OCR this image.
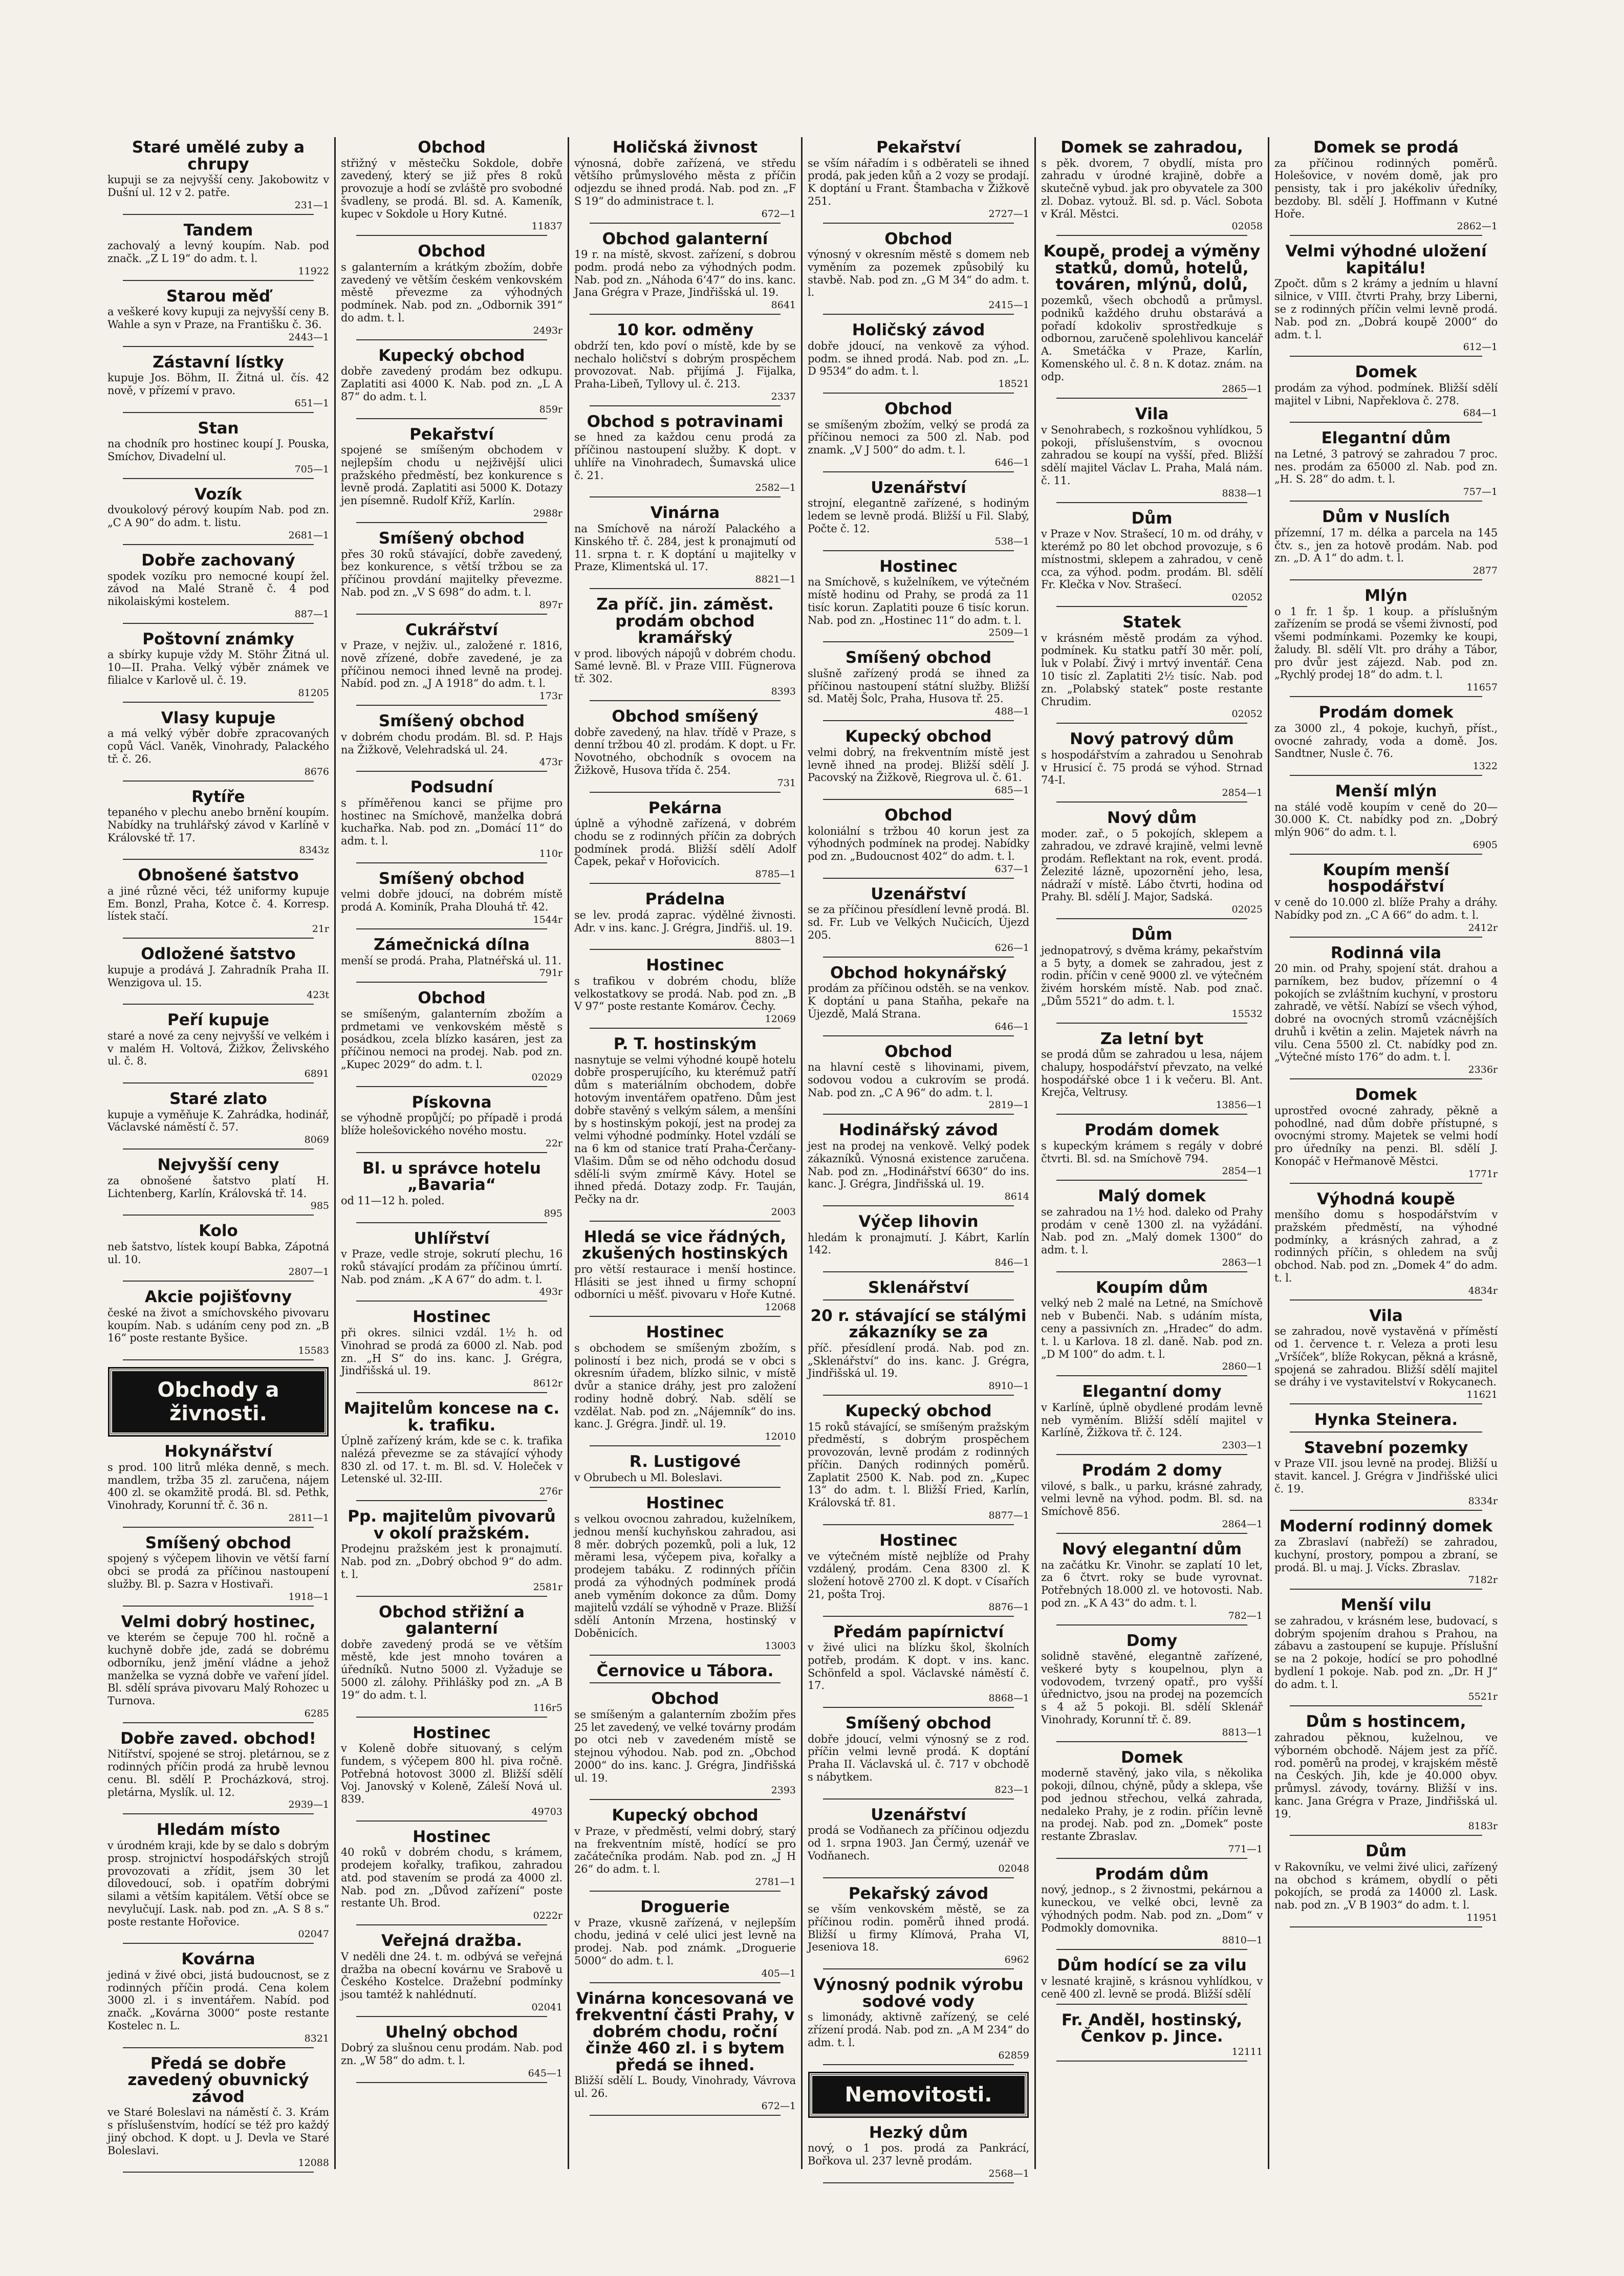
Staré umělé zuby a chrupy
kupuji se za nejvyšší ceny. Jakobowitz v Dušní ul. 12 v 2. patře.
231—1
Tandem
zachovalý a levný koupím. Nab. pod značk. „Z L 19“ do adm. t. l.
11922
Starou měď
a veškeré kovy kupuji za nejvyšší ceny B. Wahle a syn v Praze, na Františku č. 36.
2443—1
Zástavní lístky
kupuje Jos. Böhm, II. Žitná ul. čís. 42 nově, v přízemí v pravo.
651—1
Stan
na chodník pro hostinec koupí J. Pouska, Smíchov, Divadelní ul.
705—1
Vozík
dvoukolový pérový koupím Nab. pod zn. „C A 90“ do adm. t. listu.
2681—1
Dobře zachovaný
spodek vozíku pro nemocné koupí žel. závod na Malé Straně č. 4 pod nikolaiskými kostelem.
887—1
Poštovní známky
a sbírky kupuje vždy M. Stöhr Žitná ul. 10—II. Praha. Velký výběr známek ve filialce v Karlově ul. č. 19.
81205
Vlasy kupuje
a má velký výběr dobře zpracovaných copů Václ. Vaněk, Vinohrady, Palackého tř. č. 26.
8676
Rytíře
tepaného v plechu anebo brnění koupím. Nabídky na truhlářský závod v Karlíně v Královské tř. 17.
8343z
Obnošené šatstvo
a jiné různé věci, též uniformy kupuje Em. Bonzl, Praha, Kotce č. 4. Korresp. lístek stačí.
21r
Odložené šatstvo
kupuje a prodává J. Zahradník Praha II. Wenzigova ul. 15.
423t
Peří kupuje
staré a nové za ceny nejvyšší ve velkém i v malém H. Voltová, Žižkov, Želivského ul. č. 8.
6891
Staré zlato
kupuje a vyměňuje K. Zahrádka, hodinář, Václavské náměstí č. 57.
8069
Nejvyšší ceny
za obnošené šatstvo platí H. Lichtenberg, Karlín, Královská tř. 14.
985
Kolo
neb šatstvo, lístek koupí Babka, Zápotná ul. 10.
2807—1
Akcie pojišťovny
české na život a smíchovského pivovaru koupím. Nab. s udáním ceny pod zn. „B 16“ poste restante Byšice.
15583
Obchody a živnosti.
Hokynářství
s prod. 100 litrů mléka denně, s mech. mandlem, tržba 35 zl. zaručena, nájem 400 zl. se okamžitě prodá. Bl. sd. Pethk, Vinohrady, Korunní tř. č. 36 n.
2811—1
Smíšený obchod
spojený s výčepem lihovin ve větší farní obci se prodá za příčinou nastoupení služby. Bl. p. Sazra v Hostivaři.
1918—1
Velmi dobrý hostinec,
ve kterém se čepuje 700 hl. ročně a kuchyně dobře jde, zadá se dobrému odborníku, jenž jmění vládne a jehož manželka se vyzná dobře ve vaření jídel. Bl. sdělí správa pivovaru Malý Rohozec u Turnova.
6285
Dobře zaved. obchod!
Nitířství, spojené se stroj. pletárnou, se z rodinných příčin prodá za hrubě levnou cenu. Bl. sdělí P. Procházková, stroj. pletárna, Myslík. ul. 12.
2939—1
Hledám místo
v úrodném kraji, kde by se dalo s dobrým prosp. strojnictví hospodářských strojů provozovati a zřídit, jsem 30 let dílovedoucí, sob. i opatřím dobrými silami a větším kapitálem. Větší obce se nevylučují. Lask. nab. pod zn. „A. S 8 s.“ poste restante Hořovice.
02047
Kovárna
jediná v živé obci, jistá budoucnost, se z rodinných příčin prodá. Cena kolem 3000 zl. i s inventářem. Nabíd. pod značk. „Kovárna 3000“ poste restante Kostelec n. L.
8321
Předá se dobře zavedený obuvnický závod
ve Staré Boleslavi na náměstí č. 3. Krám s příslušenstvím, hodící se též pro každý jiný obchod. K dopt. u J. Devla ve Staré Boleslavi.
12088
Obchod
střižný v městečku Sokdole, dobře zavedený, který se již přes 8 roků provozuje a hodí se zvláště pro svobodné švadleny, se prodá. Bl. sd. A. Kameník, kupec v Sokdole u Hory Kutné.
11837
Obchod
s galanterním a krátkým zbožím, dobře zavedený ve větším českém venkovském městě převezme za výhodných podmínek. Nab. pod zn. „Odbornik 391“ do adm. t. l.
2493r
Kupecký obchod
dobře zavedený prodám bez odkupu. Zaplatiti asi 4000 K. Nab. pod zn. „L A 87“ do adm. t. l.
859r
Pekařství
spojené se smíšeným obchodem v nejlepším chodu u nejživější ulici pražského předměstí, bez konkurence s levně prodá. Zaplatiti asi 5000 K. Dotazy jen písemně. Rudolf Kříž, Karlín.
2988r
Smíšený obchod
přes 30 roků stávající, dobře zavedený, bez konkurence, s větší tržbou se za příčinou provdání majitelky převezme. Nab. pod zn. „V S 698“ do adm. t. l.
897r
Cukrářství
v Praze, v nejživ. ul., založené r. 1816, nově zřízené, dobře zavedené, je za příčinou nemoci ihned levně na prodej. Nabíd. pod zn. „J A 1918“ do adm. t. l.
173r
Smíšený obchod
v dobrém chodu prodám. Bl. sd. P. Hajs na Žižkově, Velehradská ul. 24.
473r
Podsudní
s příměřenou kanci se přijme pro hostinec na Smíchově, manželka dobrá kuchařka. Nab. pod zn. „Domácí 11“ do adm. t. l.
110r
Smíšený obchod
velmi dobře jdoucí, na dobrém místě prodá A. Kominík, Praha Dlouhá tř. 42.
1544r
Zámečnická dílna
menší se prodá. Praha, Platnéřská ul. 11.
791r
Obchod
se smíšeným, galanterním zbožím a prdmetami ve venkovském městě s posádkou, zcela blízko kasáren, jest za příčinou nemoci na prodej. Nab. pod zn. „Kupec 2029“ do adm. t. l.
02029
Pískovna
se výhodně propůjčí; po případě i prodá blíže holešovického nového mostu.
22r
Bl. u správce hotelu „Bavaria“
od 11—12 h. poled.
895
Uhlířství
v Praze, vedle stroje, sokrutí plechu, 16 roků stávající prodám za příčinou úmrtí. Nab. pod znám. „K A 67“ do adm. t. l.
493r
Hostinec
při okres. silnici vzdál. 1½ h. od Vinohrad se prodá za 6000 zl. Nab. pod zn. „H S“ do ins. kanc. J. Grégra, Jindřišská ul. 19.
8612r
Majitelům koncese na c. k. trafiku.
Úplně zařízený krám, kde se c. k. trafika nalézá převezme se za stávající výhody 830 zl. od 17. t. m. Bl. sd. V. Holeček v Letenské ul. 32-III.
276r
Pp. majitelům pivovarů v okolí pražském.
Prodejnu pražském jest k pronajmutí. Nab. pod zn. „Dobrý obchod 9“ do adm. t. l.
2581r
Obchod střižní a galanterní
dobře zavedený prodá se ve větším městě, kde jest mnoho továren a úředníků. Nutno 5000 zl. Vyžaduje se 5000 zl. zálohy. Přihlášky pod zn. „A B 19“ do adm. t. l.
116r5
Hostinec
v Koleně dobře situovaný, s celým fundem, s výčepem 800 hl. piva ročně. Potřebná hotovost 3000 zl. Bližší sdělí Voj. Janovský v Koleně, Záleší Nová ul. 839.
49703
Hostinec
40 roků v dobrém chodu, s krámem, prodejem kořalky, trafikou, zahradou atd. pod stavením se prodá za 4000 zl. Nab. pod zn. „Důvod zařízení“ poste restante Uh. Brod.
0222r
Veřejná dražba.
V neděli dne 24. t. m. odbývá se veřejná dražba na obecní kovárnu ve Srabově u Českého Kostelce. Dražební podmínky jsou tamtéž k nahlédnutí.
02041
Uhelný obchod
Dobrý za slušnou cenu prodám. Nab. pod zn. „W 58“ do adm. t. l.
645—1
Holičská živnost
výnosná, dobře zařízená, ve středu většího průmyslového města z příčin odjezdu se ihned prodá. Nab. pod zn. „F S 19“ do administrace t. l.
672—1
Obchod galanterní
19 r. na místě, skvost. zařízení, s dobrou podm. prodá nebo za výhodných podm. Nab. pod zn. „Náhoda 6‘47“ do ins. kanc. Jana Grégra v Praze, Jindřišská ul. 19.
8641
10 kor. odměny
obdrží ten, kdo poví o místě, kde by se nechalo holičství s dobrým prospěchem provozovat. Nab. přijímá J. Fijalka, Praha-Libeň, Tyllovy ul. č. 213.
2337
Obchod s potravinami
se hned za každou cenu prodá za příčinou nastoupení služby. K dopt. v uhlíře na Vinohradech, Šumavská ulice č. 21.
2582—1
Vinárna
na Smíchově na nároží Palackého a Kinského tř. č. 284, jest k pronajmutí od 11. srpna t. r. K doptání u majitelky v Praze, Klimentská ul. 17.
8821—1
Za příč. jin. záměst. prodám obchod kramářský
v prod. libových nápojů v dobrém chodu. Samé levně. Bl. v Praze VIII. Fügnerova tř. 302.
8393
Obchod smíšený
dobře zavedený, na hlav. třídě v Praze, s denní tržbou 40 zl. prodám. K dopt. u Fr. Novotného, obchodník s ovocem na Žižkově, Husova třída č. 254.
731
Pekárna
úplně a výhodně zařízená, v dobrém chodu se z rodinných příčin za dobrých podmínek prodá. Bližší sdělí Adolf Čapek, pekař v Hořovicích.
8785—1
Prádelna
se lev. prodá zaprac. výdělné živnosti. Adr. v ins. kanc. J. Grégra, Jindřiš. ul. 19.
8803—1
Hostinec
s trafikou v dobrém chodu, blíže velkostatkovy se prodá. Nab. pod zn. „B V 97“ poste restante Komárov. Čechy.
12069
P. T. hostinským
nasnytuje se velmi výhodné koupě hotelu dobře prosperujícího, ku kterémuž patří dům s materiálním obchodem, dobře hotovým inventářem opatřeno. Dům jest dobře stavěný s velkým sálem, a menšíni by s hostinským pokojí, jest na prodej za velmi výhodné podmínky. Hotel vzdálí se na 6 km od stanice tratí Praha-Čerčany-Vlašim. Dům se od něho odchodu dosud sdělí-li svým zmírmě Kávy. Hotel se ihned předá. Dotazy zodp. Fr. Tauján, Pečky na dr.
2003
Hledá se vice řádných, zkušených hostinských
pro větší restaurace i menší hostince. Hlásiti se jest ihned u firmy schopní odborníci u měšť. pivovaru v Hoře Kutné.
12068
Hostinec
s obchodem se smíšeným zbožím, s poliností i bez nich, prodá se v obci s okresním úřadem, blízko silnic, v místě dvůr a stanice dráhy, jest pro založení rodiny hodně dobrý. Nab. sdělí se vzdělat. Nab. pod zn. „Nájemník“ do ins. kanc. J. Grégra. Jindř. ul. 19.
12010
R. Lustigové
v Obrubech u Ml. Boleslavi.
Hostinec
s velkou ovocnou zahradou, kuželníkem, jednou menší kuchyňskou zahradou, asi 8 měr. dobrých pozemků, poli a luk, 12 měrami lesa, výčepem piva, kořalky a prodejem tabáku. Z rodinných příčin prodá za výhodných podmínek prodá aneb vyměním dokonce za dům. Domy majitelů vzdálí se výhodně v Praze. Bližší sdělí Antonín Mrzena, hostinský v Doběnicích.
13003
Černovice u Tábora.
Obchod
se smíšeným a galanterním zbožím přes 25 let zavedený, ve velké továrny prodám po otci neb v zavedeném místě se stejnou výhodou. Nab. pod zn. „Obchod 2000“ do ins. kanc. J. Grégra, Jindřišská ul. 19.
2393
Kupecký obchod
v Praze, v předměstí, velmi dobrý, starý na frekventním místě, hodící se pro začátečníka prodám. Nab. pod zn. „J H 26“ do adm. t. l.
2781—1
Droguerie
v Praze, vkusně zařízená, v nejlepším chodu, jediná v celé ulici jest levně na prodej. Nab. pod známk. „Droguerie 5000“ do adm. t. l.
405—1
Vinárna koncesovaná ve frekventní části Prahy, v dobrém chodu, roční činže 460 zl. i s bytem předá se ihned.
Bližší sdělí L. Boudy, Vinohrady, Vávrova ul. 26.
672—1
Pekařství
se vším nářadím i s odběrateli se ihned prodá, pak jeden kůň a 2 vozy se prodají. K doptání u Frant. Štambacha v Žižkově 251.
2727—1
Obchod
výnosný v okresním městě s domem neb vyměním za pozemek způsobilý ku stavbě. Nab. pod zn. „G M 34“ do adm. t. l.
2415—1
Holičský závod
dobře jdoucí, na venkově za výhod. podm. se ihned prodá. Nab. pod zn. „L. D 9534“ do adm. t. l.
18521
Obchod
se smíšeným zbožím, velký se prodá za příčinou nemoci za 500 zl. Nab. pod znamk. „V J 500“ do adm. t. l.
646—1
Uzenářství
strojní, elegantně zařízené, s hodiným ledem se levně prodá. Bližší u Fil. Slabý, Počte č. 12.
538—1
Hostinec
na Smíchově, s kuželníkem, ve výtečném místě hodinu od Prahy, se prodá za 11 tisíc korun. Zaplatiti pouze 6 tisíc korun. Nab. pod zn. „Hostinec 11“ do adm. t. l.
2509—1
Smíšený obchod
slušně zařízený prodá se ihned za příčinou nastoupení státní služby. Bližší sd. Matěj Šolc, Praha, Husova tř. 25.
488—1
Kupecký obchod
velmi dobrý, na frekventním místě jest levně ihned na prodej. Bližší sdělí J. Pacovský na Žižkově, Riegrova ul. č. 61.
685—1
Obchod
koloniální s tržbou 40 korun jest za výhodných podmínek na prodej. Nabídky pod zn. „Budoucnost 402“ do adm. t. l.
637—1
Uzenářství
se za příčinou přesídlení levně prodá. Bl. sd. Fr. Lub ve Velkých Nučicích, Újezd 205.
626—1
Obchod hokynářský
prodám za příčinou odstěh. se na venkov. K doptání u pana Staňha, pekaře na Újezdě, Malá Strana.
646—1
Obchod
na hlavní cestě s lihovinami, pivem, sodovou vodou a cukrovím se prodá. Nab. pod zn. „C A 96“ do adm. t. l.
2819—1
Hodinářský závod
jest na prodej na venkově. Velký podek zákazníků. Výnosná existence zaručena. Nab. pod zn. „Hodinářství 6630“ do ins. kanc. J. Grégra, Jindřišská ul. 19.
8614
Výčep lihovin
hledám k pronajmutí. J. Kábrt, Karlín 142.
846—1
Sklenářství
20 r. stávající se stálými zákazníky se za
příč. přesídlení prodá. Nab. pod zn. „Sklenářství“ do ins. kanc. J. Grégra, Jindřišská ul. 19.
8910—1
Kupecký obchod
15 roků stávající, se smíšeným pražským předměstí, s dobrým prospěchem provozován, levně prodám z rodinných příčin. Daných rodinných poměrů. Zaplatit 2500 K. Nab. pod zn. „Kupec 13“ do adm. t. l. Bližší Fried, Karlín, Královská tř. 81.
8877—1
Hostinec
ve výtečném místě nejblíže od Prahy vzdálený, prodám. Cena 8300 zl. K složení hotově 2700 zl. K dopt. v Císařích 21, pošta Troj.
8876—1
Předám papírnictví
v živé ulici na blízku škol, školních potřeb, prodám. K dopt. v ins. kanc. Schönfeld a spol. Václavské náměstí č. 17.
8868—1
Smíšený obchod
dobře jdoucí, velmi výnosný se z rod. příčin velmi levně prodá. K doptání Praha II. Václavská ul. č. 717 v obchodě s nábytkem.
823—1
Uzenářství
prodá se Vodňanech za příčinou odjezdu od 1. srpna 1903. Jan Čermý, uzenář ve Vodňanech.
02048
Pekařský závod
se vším venkovském městě, se za příčinou rodin. poměrů ihned prodá. Bližší u firmy Klímová, Praha VI, Jeseniova 18.
6962
Výnosný podnik výrobu sodové vody
s limonády, aktivně zařízený, se celé zřízení prodá. Nab. pod zn. „A M 234“ do adm. t. l.
62859
Nemovitosti.
Hezký dům
nový, o 1 pos. prodá za Pankrácí, Bořkova ul. 237 levně prodám.
2568—1
Domek se zahradou,
s pěk. dvorem, 7 obydlí, místa pro zahradu v úrodné krajině, dobře a skutečně vybud. jak pro obyvatele za 300 zl. Dobaz. vytouž. Bl. sd. p. Václ. Sobota v Král. Městci.
02058
Koupě, prodej a výměny statků, domů, hotelů, továren, mlýnů, dolů,
pozemků, všech obchodů a průmysl. podniků každého druhu obstarává a pořadí kdokoliv sprostředkuje s odbornou, zaručeně spolehlivou kancelář A. Smetáčka v Praze, Karlín, Komenského ul. č. 8 n. K dotaz. znám. na odp.
2865—1
Vila
v Senohrabech, s rozkošnou vyhlídkou, 5 pokoji, příslušenstvím, s ovocnou zahradou se koupí na vyšší, před. Bližší sdělí majitel Václav L. Praha, Malá nám. č. 11.
8838—1
Dům
v Praze v Nov. Strašecí, 10 m. od dráhy, v kterémž po 80 let obchod provozuje, s 6 místnostmi, sklepem a zahradou, v ceně cca, za výhod. podm. prodám. Bl. sdělí Fr. Klečka v Nov. Strašecí.
02052
Statek
v krásném městě prodám za výhod. podmínek. Ku statku patří 30 měr. polí, luk v Polabí. Živý i mrtvý inventář. Cena 10 tisíc zl. Zaplatiti 2½ tisíc. Nab. pod zn. „Polabský statek“ poste restante Chrudim.
02052
Nový patrový dům
s hospodářstvím a zahradou u Senohrab v Hrusicí č. 75 prodá se výhod. Strnad 74-I.
2854—1
Nový dům
moder. zař., o 5 pokojích, sklepem a zahradou, ve zdravé krajině, velmi levně prodám. Reflektant na rok, event. prodá. Železité lázně, upozornění jeho, lesa, nádraží v místě. Lábo čtvrti, hodina od Prahy. Bl. sdělí J. Major, Sadská.
02025
Dům
jednopatrový, s dvěma krámy, pekařstvím a 5 byty, a domek se zahradou, jest z rodin. příčin v ceně 9000 zl. ve výtečném živém horském místě. Nab. pod znač. „Dům 5521“ do adm. t. l.
15532
Za letní byt
se prodá dům se zahradou u lesa, nájem chalupy, hospodářství převzato, na velké hospodářské obce 1 i k večeru. Bl. Ant. Krejča, Veltrusy.
13856—1
Prodám domek
s kupeckým krámem s regály v dobré čtvrti. Bl. sd. na Smíchově 794.
2854—1
Malý domek
se zahradou na 1½ hod. daleko od Prahy prodám v ceně 1300 zl. na vyžádání. Nab. pod zn. „Malý domek 1300“ do adm. t. l.
2863—1
Koupím dům
velký neb 2 malé na Letné, na Smíchově neb v Bubenči. Nab. s udáním místa, ceny a passivních zn. „Hradec“ do adm. t. l. u Karlova. 18 zl. daně. Nab. pod zn. „D M 100“ do adm. t. l.
2860—1
Elegantní domy
v Karlíně, úplně obydlené prodám levně neb vyměním. Bližší sdělí majitel v Karlíně, Žižkova tř. č. 124.
2303—1
Prodám 2 domy
vilové, s balk., u parku, krásné zahrady, velmi levně na výhod. podm. Bl. sd. na Smíchově 856.
2864—1
Nový elegantní dům
na začátku Kr. Vinohr. se zaplatí 10 let, za 6 čtvrt. roky se bude vyrovnat. Potřebných 18.000 zl. ve hotovosti. Nab. pod zn. „K A 43“ do adm. t. l.
782—1
Domy
solidně stavěné, elegantně zařízené, veškeré byty s koupelnou, plyn a vodovodem, tvrzený opatř., pro vyšší úřednictvo, jsou na prodej na pozemcích s 4 až 5 pokoji. Bl. sdělí Sklenář Vinohrady, Korunní tř. č. 89.
8813—1
Domek
moderně stavěný, jako vila, s několika pokoji, dílnou, chýně, půdy a sklepa, vše pod jednou střechou, velká zahrada, nedaleko Prahy, je z rodin. příčin levně na prodej. Nab. pod zn. „Domek“ poste restante Zbraslav.
771—1
Prodám dům
nový, jednop., s 2 živnostmi, pekárnou a kuneckou, ve velké obci, levně za výhodných podm. Nab. pod zn. „Dom“ v Podmokly domovnika.
8810—1
Dům hodící se za vilu
v lesnaté krajině, s krásnou vyhlídkou, v ceně 400 zl. levně se prodá. Bližší sdělí
Fr. Anděl, hostinský, Čenkov p. Jince.
12111
Domek se prodá
za příčinou rodinných poměrů. Holešovice, v novém domě, jak pro pensisty, tak i pro jakékoliv úředníky, bezdoby. Bl. sdělí J. Hoffmann v Kutné Hoře.
2862—1
Velmi výhodné uložení kapitálu!
Zpočt. dům s 2 krámy a jedním u hlavní silnice, v VIII. čtvrti Prahy, brzy Liberni, se z rodinných příčin velmi levně prodá. Nab. pod zn. „Dobrá koupě 2000“ do adm. t. l.
612—1
Domek
prodám za výhod. podmínek. Bližší sdělí majitel v Libni, Napřeklova č. 278.
684—1
Elegantní dům
na Letné, 3 patrový se zahradou 7 proc. nes. prodám za 65000 zl. Nab. pod zn. „H. S. 28“ do adm. t. l.
757—1
Dům v Nuslích
přízemní, 17 m. délka a parcela na 145 čtv. s., jen za hotově prodám. Nab. pod zn. „D. A 1“ do adm. t. l.
2877
Mlýn
o 1 fr. 1 šp. 1 koup. a příslušným zařízením se prodá se všemi živností, pod všemi podmínkami. Pozemky ke koupi, žaludy. Bl. sdělí Vlt. pro dráhy a Tábor, pro dvůr jest zájezd. Nab. pod zn. „Rychlý prodej 18“ do adm. t. l.
11657
Prodám domek
za 3000 zl., 4 pokoje, kuchyň, příst., ovocné zahrady, voda a domě. Jos. Sandtner, Nusle č. 76.
1322
Menší mlýn
na stálé vodě koupím v ceně do 20—30.000 K. Ct. nabídky pod zn. „Dobrý mlýn 906“ do adm. t. l.
6905
Koupím menší hospodářství
v ceně do 10.000 zl. blíže Prahy a dráhy. Nabídky pod zn. „C A 66“ do adm. t. l.
2412r
Rodinná vila
20 min. od Prahy, spojení stát. drahou a parníkem, bez budov, přízemní o 4 pokojích se zvláštním kuchyní, v prostoru zahradě, ve větší. Nabízí se všech výhod, dobré na ovocných stromů vzácnějších druhů i květin a zelin. Majetek návrh na vilu. Cena 5500 zl. Ct. nabídky pod zn. „Výtečné místo 176“ do adm. t. l.
2336r
Domek
uprostřed ovocné zahrady, pěkně a pohodlné, nad dům dobře přístupné, s ovocnými stromy. Majetek se velmi hodí pro úředníky na penzi. Bl. sdělí J. Konopáč v Heřmanově Městci.
1771r
Výhodná koupě
menšího domu s hospodářstvím v pražském předměstí, na výhodné podmínky, a krásných zahrad, a z rodinných příčin, s ohledem na svůj obchod. Nab. pod zn. „Domek 4“ do adm. t. l.
4834r
Vila
se zahradou, nově vystavěná v příměstí od 1. července t. r. Veleza a proti lesu „Vršíček“, blíže Rokycan, pěkná a krásně, spojená se zahradou. Bližší sdělí majitel se dráhy i ve vystavitelství v Rokycanech.
11621
Hynka Steinera.
Stavební pozemky
v Praze VII. jsou levně na prodej. Bližší u stavit. kancel. J. Grégra v Jindřišské ulici č. 19.
8334r
Moderní rodinný domek
za Zbraslaví (nabřeží) se zahradou, kuchyní, prostory, pompou a zbraní, se prodá. Bl. u maj. J. Vícks. Zbraslav.
7182r
Menší vilu
se zahradou, v krásném lese, budovací, s dobrým spojením drahou s Prahou, na zábavu a zastoupení se kupuje. Příslušní se na 2 pokoje, hodící se pro pohodlné bydlení 1 pokoje. Nab. pod zn. „Dr. H J“ do adm. t. l.
5521r
Dům s hostincem,
zahradou pěknou, kuželnou, ve výborném obchodě. Nájem jest za příč. rod. poměrů na prodej, v krajském městě na Českých. Jih, kde je 40.000 obyv. průmysl. závody, továrny. Bližší v ins. kanc. Jana Grégra v Praze, Jindřišská ul. 19.
8183r
Dům
v Rakovníku, ve velmi živé ulici, zařízený na obchod s krámem, obydlí o pěti pokojích, se prodá za 14000 zl. Lask. nab. pod zn. „V B 1903“ do adm. t. l.
11951
